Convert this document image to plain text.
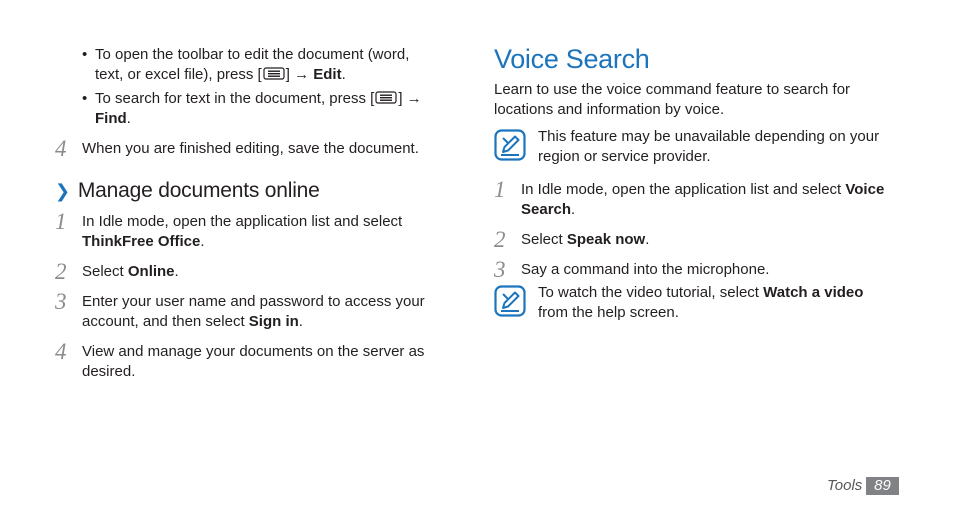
• To open the toolbar to edit the document (word,
text, or excel file), press [ ] → Edit.
• To search for text in the document, press [ ] →
Find.
4 When you are finished editing, save the document.
❯ Manage documents online
1 In Idle mode, open the application list and select
ThinkFree Office.
2 Select Online.
3 Enter your user name and password to access your
account, and then select Sign in.
4 View and manage your documents on the server as
desired.
Voice Search
Learn to use the voice command feature to search for
locations and information by voice.
This feature may be unavailable depending on your
region or service provider.
1 In Idle mode, open the application list and select Voice
Search.
2 Select Speak now.
3 Say a command into the microphone.
To watch the video tutorial, select Watch a video
from the help screen.
Tools 89
